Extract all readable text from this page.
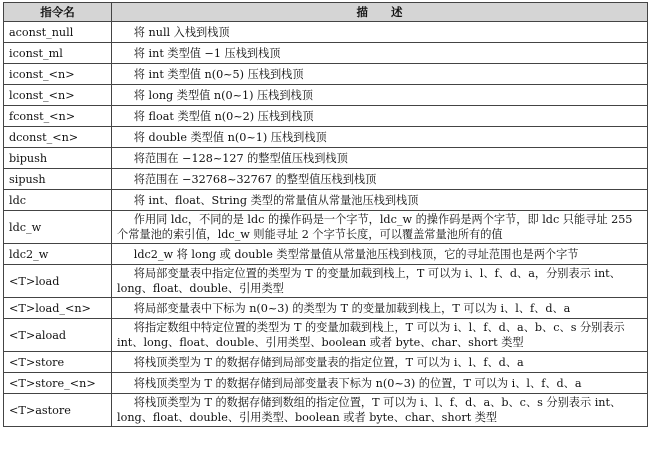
指令名	描　　述
aconst_null	将 null 入栈到栈顶
iconst_ml	将 int 类型值 −1 压栈到栈顶
iconst_<n>	将 int 类型值 n(0~5) 压栈到栈顶
lconst_<n>	将 long 类型值 n(0~1) 压栈到栈顶
fconst_<n>	将 float 类型值 n(0~2) 压栈到栈顶
dconst_<n>	将 double 类型值 n(0~1) 压栈到栈顶
bipush	将范围在 −128~127 的整型值压栈到栈顶
sipush	将范围在 −32768~32767 的整型值压栈到栈顶
ldc	将 int、float、String 类型的常量值从常量池压栈到栈顶
ldc_w	作用同 ldc，不同的是 ldc 的操作码是一个字节，ldc_w 的操作码是两个字节，即 ldc 只能寻址 255 个常量池的索引值，ldc_w 则能寻址 2 个字节长度，可以覆盖常量池所有的值
ldc2_w	ldc2_w 将 long 或 double 类型常量值从常量池压栈到栈顶，它的寻址范围也是两个字节
<T>load	将局部变量表中指定位置的类型为 T 的变量加载到栈上，T 可以为 i、l、f、d、a，分别表示 int、long、float、double、引用类型
<T>load_<n>	将局部变量表中下标为 n(0~3) 的类型为 T 的变量加载到栈上，T 可以为 i、l、f、d、a
<T>aload	将指定数组中特定位置的类型为 T 的变量加载到栈上，T 可以为 i、l、f、d、a、b、c、s 分别表示 int、long、float、double、引用类型、boolean 或者 byte、char、short 类型
<T>store	将栈顶类型为 T 的数据存储到局部变量表的指定位置，T 可以为 i、l、f、d、a
<T>store_<n>	将栈顶类型为 T 的数据存储到局部变量表下标为 n(0~3) 的位置，T 可以为 i、l、f、d、a
<T>astore	将栈顶类型为 T 的数据存储到数组的指定位置，T 可以为 i、l、f、d、a、b、c、s 分别表示 int、long、float、double、引用类型、boolean 或者 byte、char、short 类型
